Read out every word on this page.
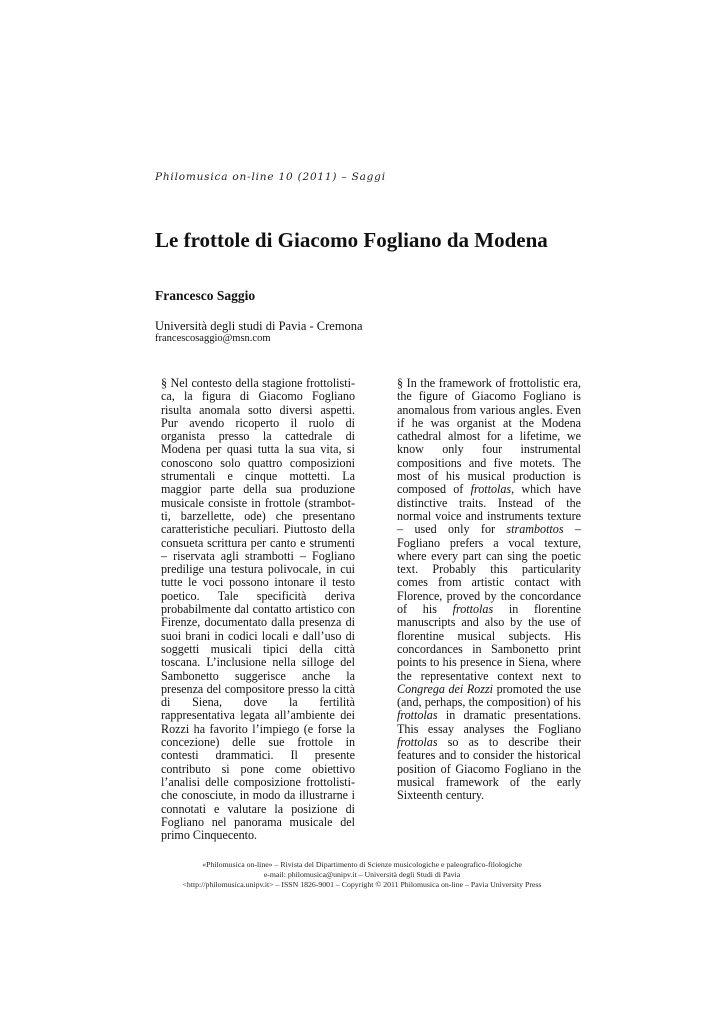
Philomusica on-line 10 (2011) – Saggi
Le frottole di Giacomo Fogliano da Modena
Francesco Saggio
Università degli studi di Pavia - Cremona
francescosaggio@msn.com

§ Nel contesto della stagione frottolistica, la figura di Giacomo Fogliano risulta anomala sotto diversi aspetti. Pur avendo ricoperto il ruolo di organista presso la cattedrale di Modena per quasi tutta la sua vita, si conoscono solo quattro composizioni strumentali e cinque mottetti. La maggior parte della sua produzione musicale consiste in frottole (strambotti, barzellette, ode) che presentano caratteristiche peculiari. Piuttosto della consueta scrittura per canto e strumenti – riservata agli strambotti – Fogliano predilige una testura polivocale, in cui tutte le voci possono intonare il testo poetico. Tale specificità deriva probabilmente dal contatto artistico con Firenze, documentato dalla presenza di suoi brani in codici locali e dall’uso di soggetti musicali tipici della città toscana. L’inclusione nella silloge del Sambonetto suggerisce anche la presenza del compositore presso la città di Siena, dove la fertilità rappresentativa legata all’ambiente dei Rozzi ha favorito l’impiego (e forse la concezione) delle sue frottole in contesti drammatici. Il presente contributo si pone come obiettivo l’analisi delle composizione frottolistiche conosciute, in modo da illustrarne i connotati e valutare la posizione di Fogliano nel panorama musicale del primo Cinquecento.

§ In the framework of frottolistic era, the figure of Giacomo Fogliano is anomalous from various angles. Even if he was organist at the Modena cathedral almost for a lifetime, we know only four instrumental compositions and five motets. The most of his musical production is composed of frottolas, which have distinctive traits. Instead of the normal voice and instruments texture – used only for strambottos – Fogliano prefers a vocal texture, where every part can sing the poetic text. Probably this particularity comes from artistic contact with Florence, proved by the concordance of his frottolas in florentine manuscripts and also by the use of florentine musical subjects. His concordances in Sambonetto print points to his presence in Siena, where the representative context next to Congrega dei Rozzi promoted the use (and, perhaps, the composition) of his frottolas in dramatic presentations. This essay analyses the Fogliano frottolas so as to describe their features and to consider the historical position of Giacomo Fogliano in the musical framework of the early Sixteenth century.

«Philomusica on-line» – Rivista del Dipartimento di Scienze musicologiche e paleografico-filologiche
e-mail: philomusica@unipv.it – Università degli Studi di Pavia
<http://philomusica.unipv.it> – ISSN 1826-9001 – Copyright © 2011 Philomusica on-line – Pavia University Press
